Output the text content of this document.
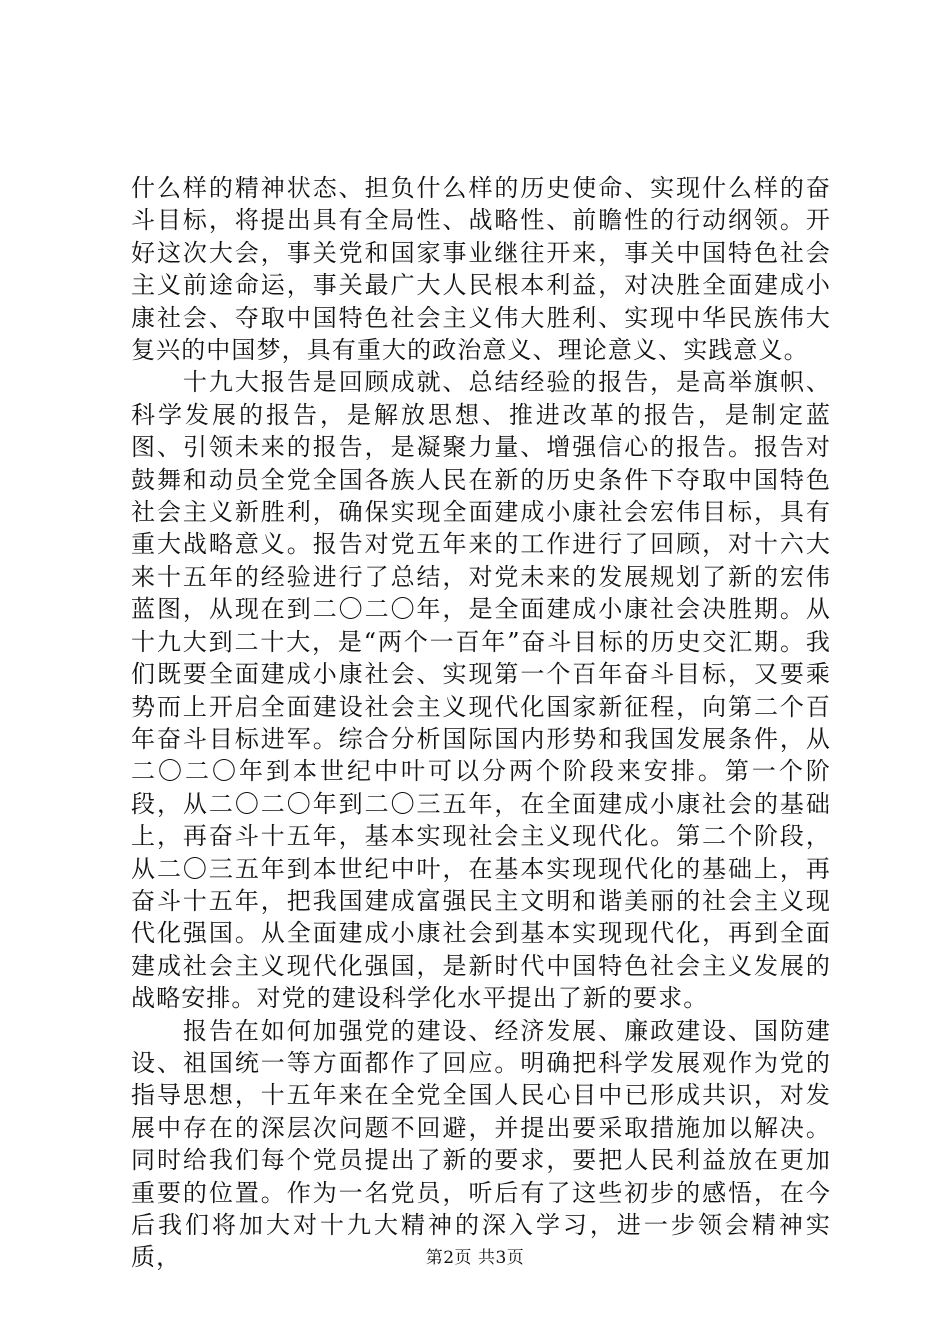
什么样的精神状态、担负什么样的历史使命、实现什么样的奋斗目标，将提出具有全局性、战略性、前瞻性的行动纲领。开好这次大会，事关党和国家事业继往开来，事关中国特色社会主义前途命运，事关最广大人民根本利益，对决胜全面建成小康社会、夺取中国特色社会主义伟大胜利、实现中华民族伟大复兴的中国梦，具有重大的政治意义、理论意义、实践意义。

十九大报告是回顾成就、总结经验的报告，是高举旗帜、科学发展的报告，是解放思想、推进改革的报告，是制定蓝图、引领未来的报告，是凝聚力量、增强信心的报告。报告对鼓舞和动员全党全国各族人民在新的历史条件下夺取中国特色社会主义新胜利，确保实现全面建成小康社会宏伟目标，具有重大战略意义。报告对党五年来的工作进行了回顾，对十六大来十五年的经验进行了总结，对党未来的发展规划了新的宏伟蓝图，从现在到二〇二〇年，是全面建成小康社会决胜期。从十九大到二十大，是“两个一百年”奋斗目标的历史交汇期。我们既要全面建成小康社会、实现第一个百年奋斗目标，又要乘势而上开启全面建设社会主义现代化国家新征程，向第二个百年奋斗目标进军。综合分析国际国内形势和我国发展条件，从二〇二〇年到本世纪中叶可以分两个阶段来安排。第一个阶段，从二〇二〇年到二〇三五年，在全面建成小康社会的基础上，再奋斗十五年，基本实现社会主义现代化。第二个阶段，从二〇三五年到本世纪中叶，在基本实现现代化的基础上，再奋斗十五年，把我国建成富强民主文明和谐美丽的社会主义现代化强国。从全面建成小康社会到基本实现现代化，再到全面建成社会主义现代化强国，是新时代中国特色社会主义发展的战略安排。对党的建设科学化水平提出了新的要求。

报告在如何加强党的建设、经济发展、廉政建设、国防建设、祖国统一等方面都作了回应。明确把科学发展观作为党的指导思想，十五年来在全党全国人民心目中已形成共识，对发展中存在的深层次问题不回避，并提出要采取措施加以解决。同时给我们每个党员提出了新的要求，要把人民利益放在更加重要的位置。作为一名党员，听后有了这些初步的感悟，在今后我们将加大对十九大精神的深入学习，进一步领会精神实质，	第2页 共3页
